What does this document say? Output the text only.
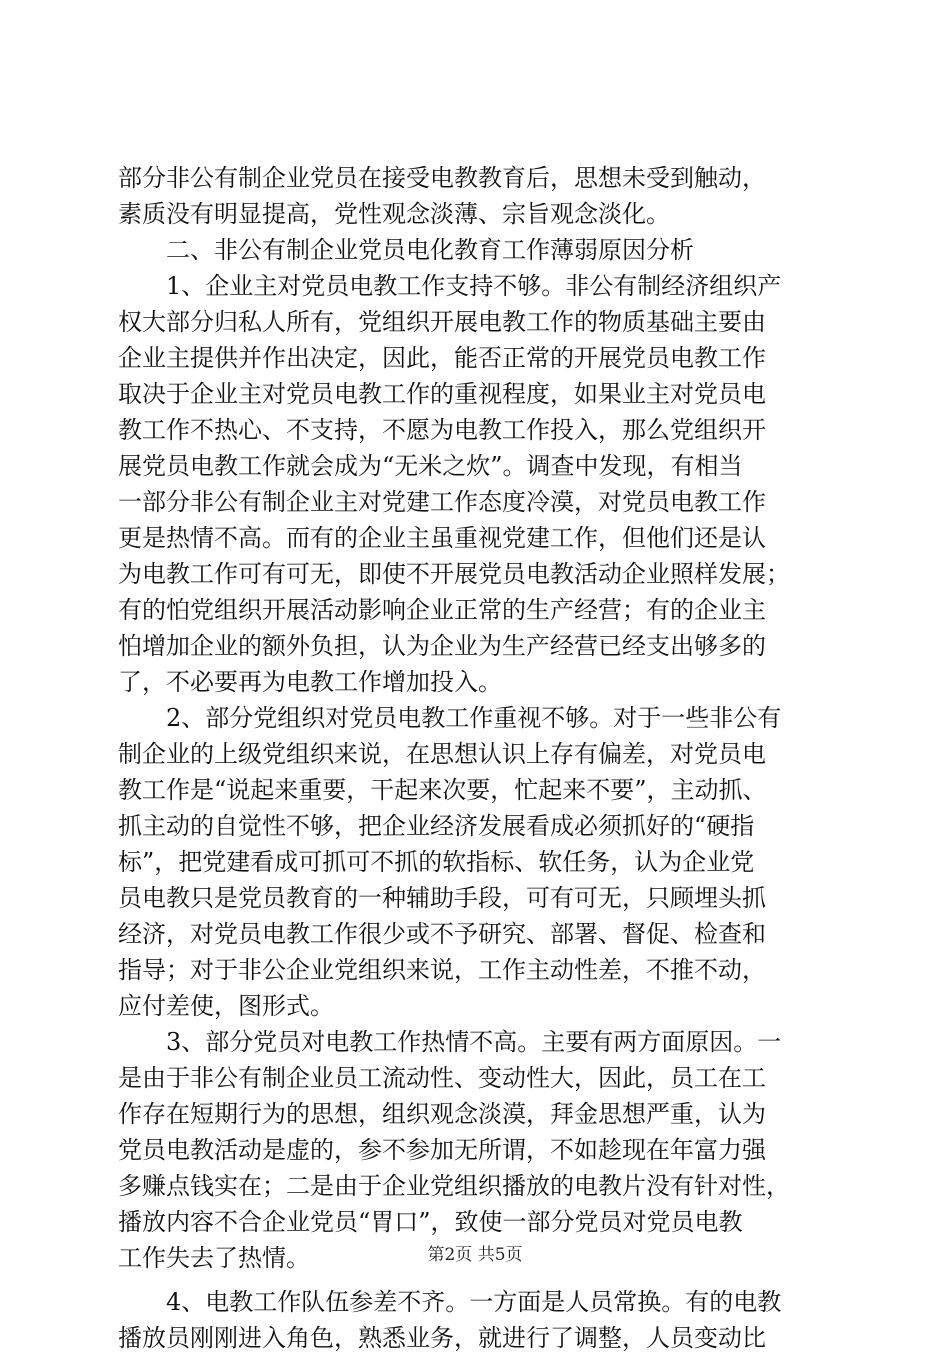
部分非公有制企业党员在接受电教教育后，思想未受到触动，
素质没有明显提高，党性观念淡薄、宗旨观念淡化。
　　二、非公有制企业党员电化教育工作薄弱原因分析
　　1、企业主对党员电教工作支持不够。非公有制经济组织产
权大部分归私人所有，党组织开展电教工作的物质基础主要由
企业主提供并作出决定，因此，能否正常的开展党员电教工作
取决于企业主对党员电教工作的重视程度，如果业主对党员电
教工作不热心、不支持，不愿为电教工作投入，那么党组织开
展党员电教工作就会成为“无米之炊”。调查中发现，有相当
一部分非公有制企业主对党建工作态度冷漠，对党员电教工作
更是热情不高。而有的企业主虽重视党建工作，但他们还是认
为电教工作可有可无，即使不开展党员电教活动企业照样发展；
有的怕党组织开展活动影响企业正常的生产经营；有的企业主
怕增加企业的额外负担，认为企业为生产经营已经支出够多的
了，不必要再为电教工作增加投入。
　　2、部分党组织对党员电教工作重视不够。对于一些非公有
制企业的上级党组织来说，在思想认识上存有偏差，对党员电
教工作是“说起来重要，干起来次要，忙起来不要”，主动抓、
抓主动的自觉性不够，把企业经济发展看成必须抓好的“硬指
标”，把党建看成可抓可不抓的软指标、软任务，认为企业党
员电教只是党员教育的一种辅助手段，可有可无，只顾埋头抓
经济，对党员电教工作很少或不予研究、部署、督促、检查和
指导；对于非公企业党组织来说，工作主动性差，不推不动，
应付差使，图形式。
　　3、部分党员对电教工作热情不高。主要有两方面原因。一
是由于非公有制企业员工流动性、变动性大，因此，员工在工
作存在短期行为的思想，组织观念淡漠，拜金思想严重，认为
党员电教活动是虚的，参不参加无所谓，不如趁现在年富力强
多赚点钱实在；二是由于企业党组织播放的电教片没有针对性，
播放内容不合企业党员“胃口”，致使一部分党员对党员电教
工作失去了热情。
　　4、电教工作队伍参差不齐。一方面是人员常换。有的电教
播放员刚刚进入角色，熟悉业务，就进行了调整，人员变动比
第2页 共5页
